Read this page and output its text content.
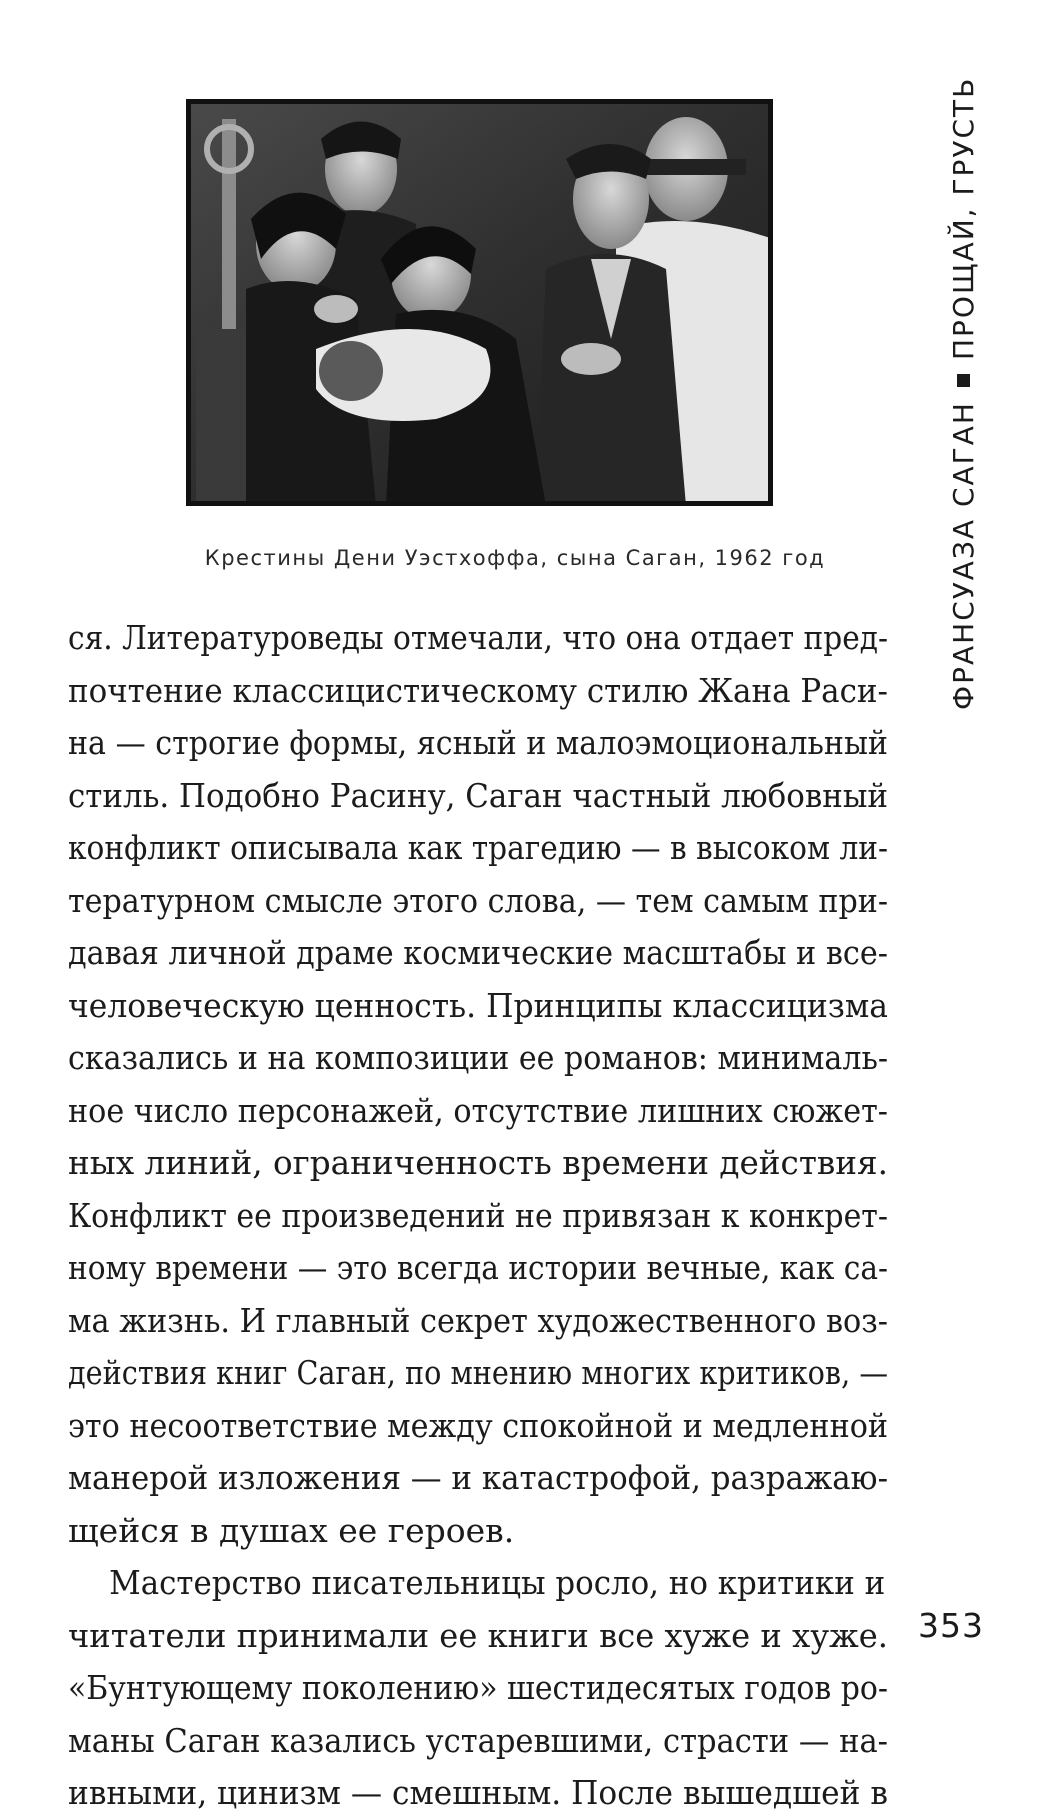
Крестины Дени Уэстхоффа, сына Саган, 1962 год

ся. Литературоведы отмечали, что она отдает пред-
почтение классицистическому стилю Жана Раси-
на — строгие формы, ясный и малоэмоциональный
стиль. Подобно Расину, Саган частный любовный
конфликт описывала как трагедию — в высоком ли-
тературном смысле этого слова, — тем самым при-
давая личной драме космические масштабы и все-
человеческую ценность. Принципы классицизма
сказались и на композиции ее романов: минималь-
ное число персонажей, отсутствие лишних сюжет-
ных линий, ограниченность времени действия.
Конфликт ее произведений не привязан к конкрет-
ному времени — это всегда истории вечные, как са-
ма жизнь. И главный секрет художественного воз-
действия книг Саган, по мнению многих критиков, —
это несоответствие между спокойной и медленной
манерой изложения — и катастрофой, разражаю-
щейся в душах ее героев.
Мастерство писательницы росло, но критики и
читатели принимали ее книги все хуже и хуже.
«Бунтующему поколению» шестидесятых годов ро-
маны Саган казались устаревшими, страсти — на-
ивными, цинизм — смешным. После вышедшей в
ФРАНСУАЗА САГАНПРОЩАЙ, ГРУСТЬ
353
